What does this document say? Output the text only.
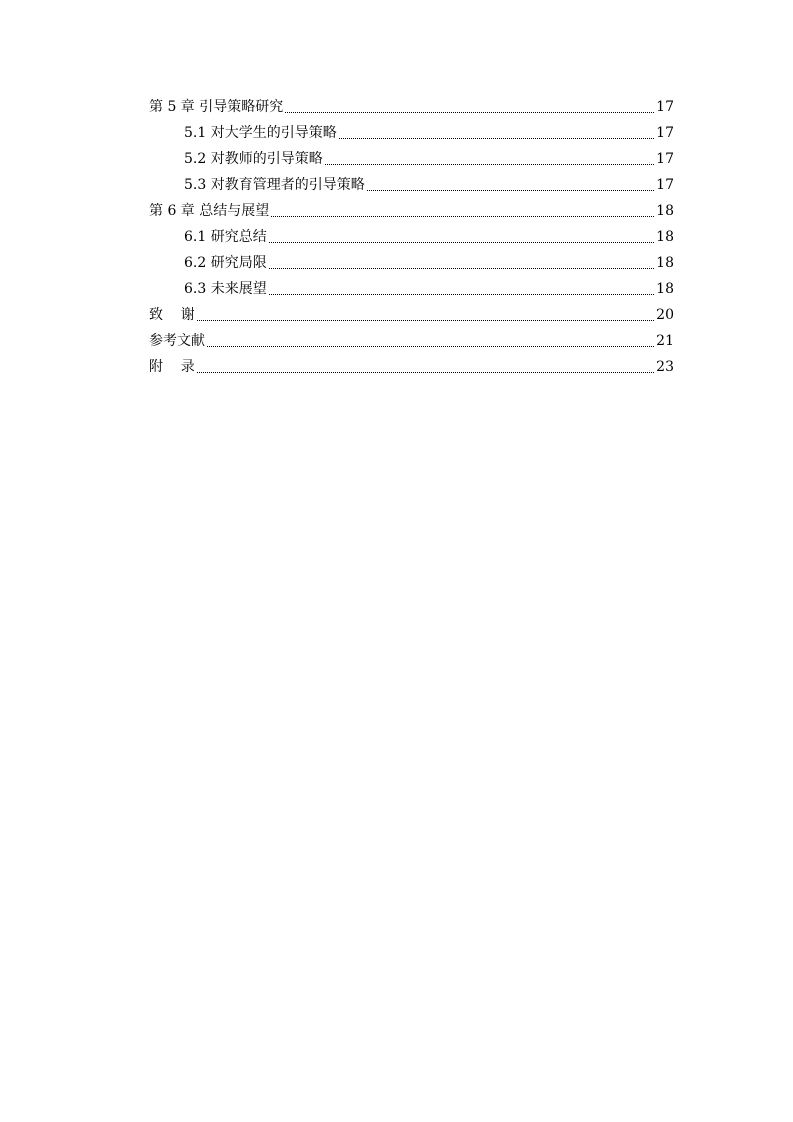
第 5 章 引导策略研究	17
5.1 对大学生的引导策略	17
5.2 对教师的引导策略	17
5.3 对教育管理者的引导策略	17
第 6 章 总结与展望	18
6.1 研究总结	18
6.2 研究局限	18
6.3 未来展望	18
致    谢	20
参考文献	21
附    录	23
